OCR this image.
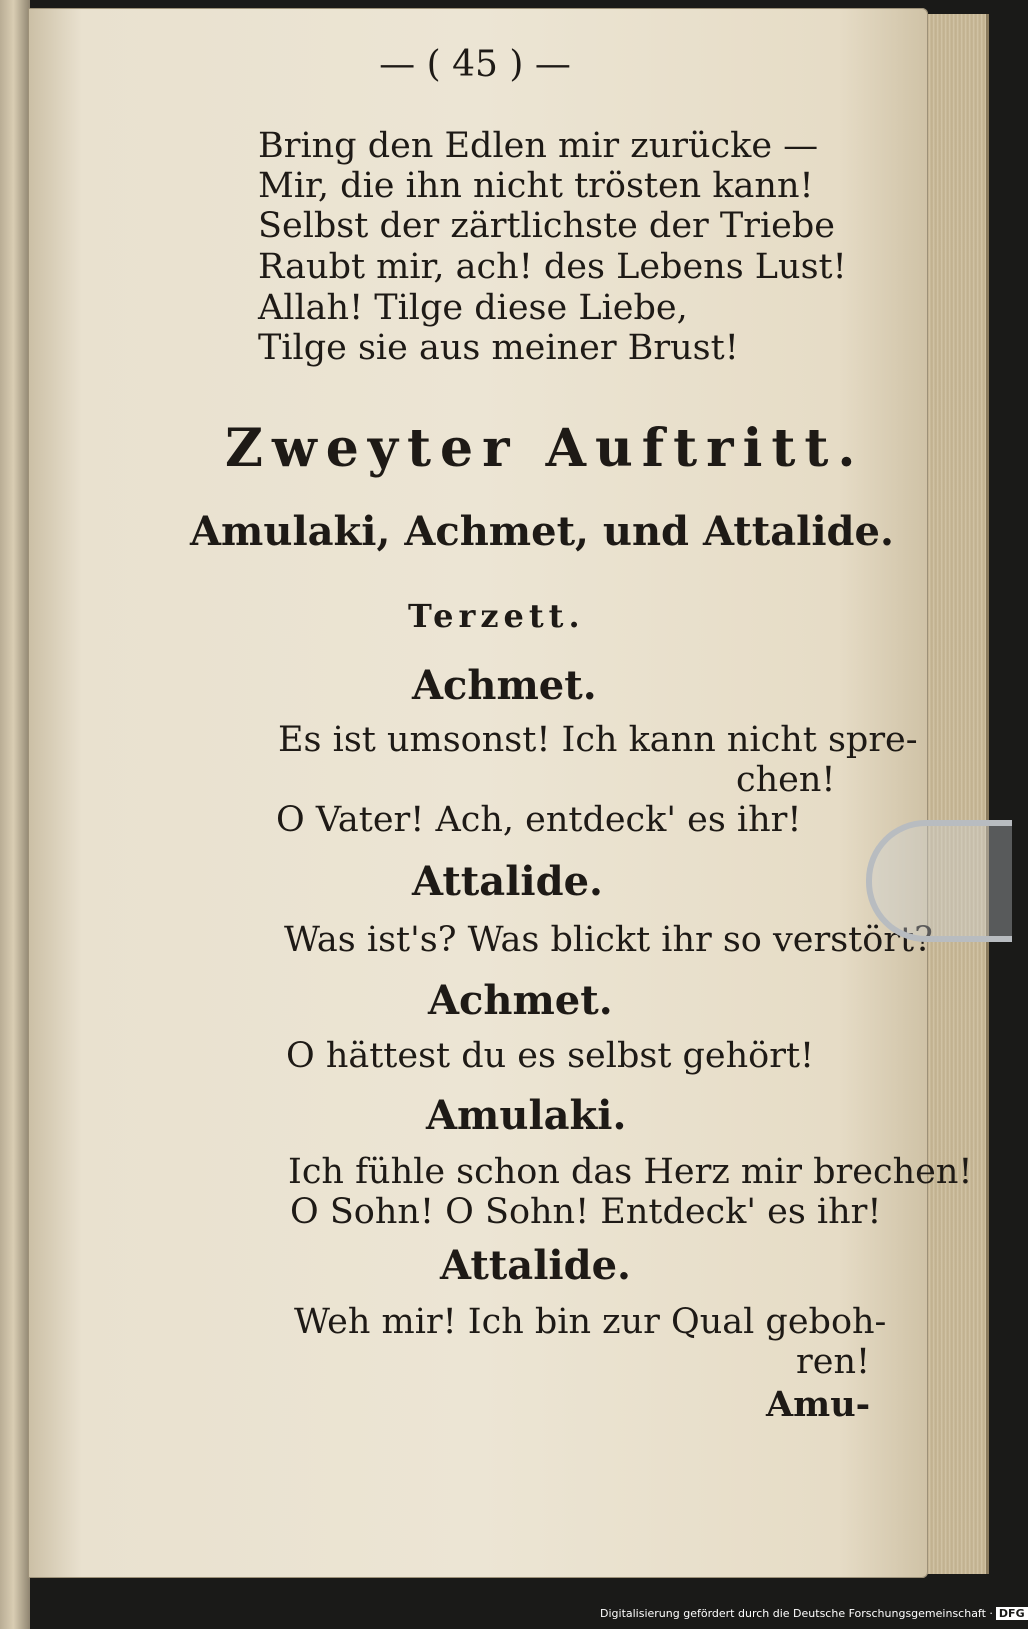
— ( 45 ) —
Bring den Edlen mir zurücke —
Mir, die ihn nicht trösten kann!
Selbst der zärtlichste der Triebe
Raubt mir, ach! des Lebens Lust!
Allah! Tilge diese Liebe,
Tilge sie aus meiner Brust!
Zweyter Auftritt.
Amulaki, Achmet, und Attalide.
Terzett.
Achmet.
Es ist umsonst! Ich kann nicht spre-
chen!
O Vater! Ach, entdeck' es ihr!
Attalide.
Was ist's? Was blickt ihr so verstört?
Achmet.
O hättest du es selbst gehört!
Amulaki.
Ich fühle schon das Herz mir brechen!
O Sohn! O Sohn! Entdeck' es ihr!
Attalide.
Weh mir! Ich bin zur Qual geboh-
ren!
Amu-
Digitalisierung gefördert durch die Deutsche Forschungsgemeinschaft · DFG
